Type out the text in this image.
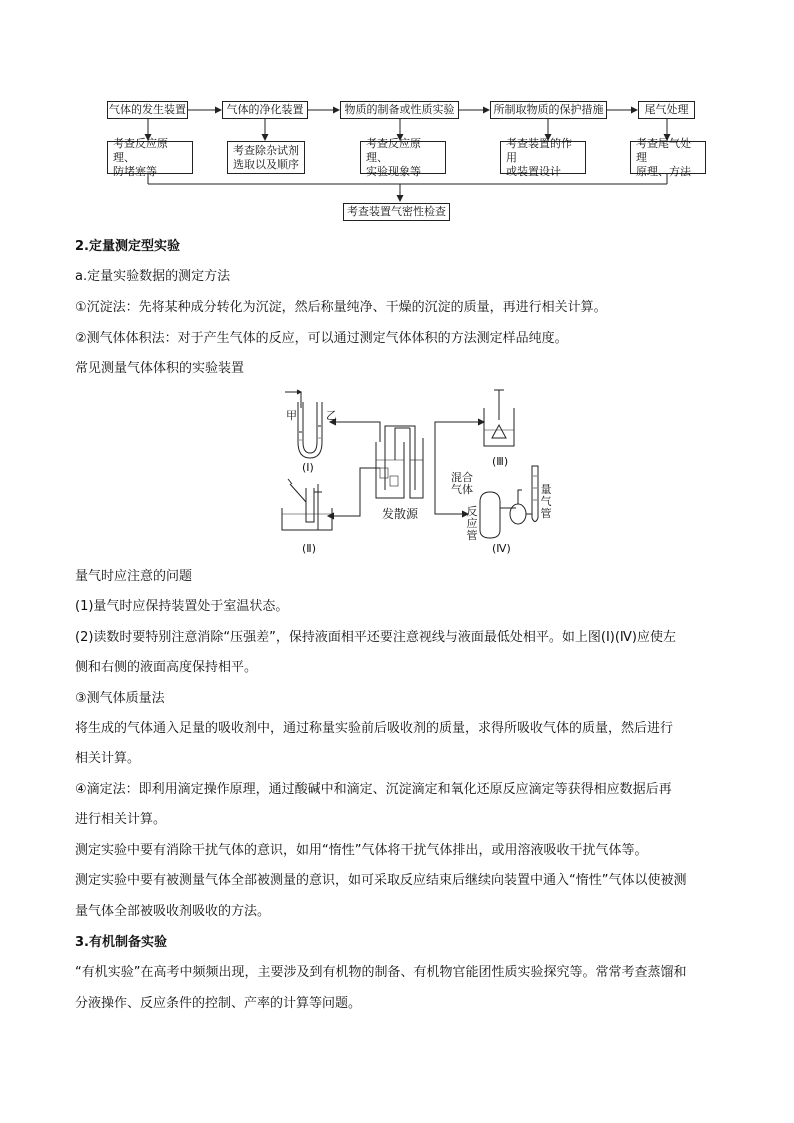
气体的发生装置	气体的净化装置	物质的制备或性质实验	所制取物质的保护措施	尾气处理
考查反应原理、
防堵塞等
考查除杂试剂
选取以及顺序
考查反应原理、
实验现象等
考查装置的作用
或装置设计
考查尾气处理
原理、方法
考查装置气密性检查
2.定量测定型实验
a.定量实验数据的测定方法
①沉淀法：先将某种成分转化为沉淀，然后称量纯净、干燥的沉淀的质量，再进行相关计算。
②测气体体积法：对于产生气体的反应，可以通过测定气体体积的方法测定样品纯度。
常见测量气体体积的实验装置
甲	乙
(Ⅰ)
(Ⅱ)
(Ⅲ)
(Ⅳ)
发散源
混合气体
反应管
量气管
量气时应注意的问题
(1)量气时应保持装置处于室温状态。
(2)读数时要特别注意消除“压强差”，保持液面相平还要注意视线与液面最低处相平。如上图(Ⅰ)(Ⅳ)应使左
侧和右侧的液面高度保持相平。
③测气体质量法
将生成的气体通入足量的吸收剂中，通过称量实验前后吸收剂的质量，求得所吸收气体的质量，然后进行
相关计算。
④滴定法：即利用滴定操作原理，通过酸碱中和滴定、沉淀滴定和氧化还原反应滴定等获得相应数据后再
进行相关计算。
测定实验中要有消除干扰气体的意识，如用“惰性”气体将干扰气体排出，或用溶液吸收干扰气体等。
测定实验中要有被测量气体全部被测量的意识，如可采取反应结束后继续向装置中通入“惰性”气体以使被测
量气体全部被吸收剂吸收的方法。
3.有机制备实验
“有机实验”在高考中频频出现，主要涉及到有机物的制备、有机物官能团性质实验探究等。常常考查蒸馏和
分液操作、反应条件的控制、产率的计算等问题。
